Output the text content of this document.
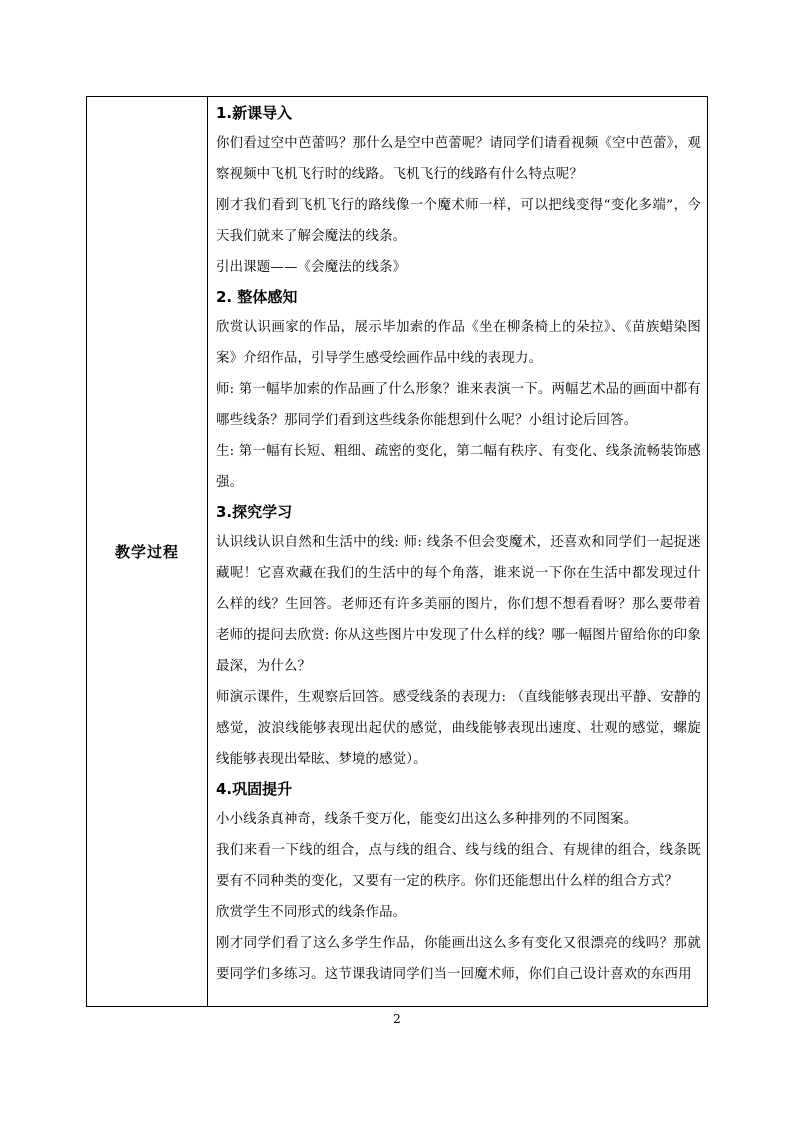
教学过程

1.新课导入

你们看过空中芭蕾吗？那什么是空中芭蕾呢？请同学们请看视频《空中芭蕾》，观察视频中飞机飞行时的线路。飞机飞行的线路有什么特点呢？

刚才我们看到飞机飞行的路线像一个魔术师一样，可以把线变得“变化多端”，今天我们就来了解会魔法的线条。

引出课题——《会魔法的线条》

2. 整体感知

欣赏认识画家的作品，展示毕加索的作品《坐在柳条椅上的朵拉》、《苗族蜡染图案》介绍作品，引导学生感受绘画作品中线的表现力。

师: 第一幅毕加索的作品画了什么形象？谁来表演一下。两幅艺术品的画面中都有哪些线条？那同学们看到这些线条你能想到什么呢？小组讨论后回答。

生: 第一幅有长短、粗细、疏密的变化，第二幅有秩序、有变化、线条流畅装饰感强。

3.探究学习

认识线认识自然和生活中的线: 师: 线条不但会变魔术，还喜欢和同学们一起捉迷藏呢！它喜欢藏在我们的生活中的每个角落，谁来说一下你在生活中都发现过什么样的线？生回答。老师还有许多美丽的图片，你们想不想看看呀？那么要带着老师的提问去欣赏: 你从这些图片中发现了什么样的线？哪一幅图片留给你的印象最深，为什么？

师演示课件，生观察后回答。感受线条的表现力: （直线能够表现出平静、安静的感觉，波浪线能够表现出起伏的感觉，曲线能够表现出速度、壮观的感觉，螺旋线能够表现出晕眩、梦境的感觉）。

4.巩固提升

小小线条真神奇，线条千变万化，能变幻出这么多种排列的不同图案。

我们来看一下线的组合，点与线的组合、线与线的组合、有规律的组合，线条既要有不同种类的变化，又要有一定的秩序。你们还能想出什么样的组合方式？

欣赏学生不同形式的线条作品。

刚才同学们看了这么多学生作品，你能画出这么多有变化又很漂亮的线吗？那就要同学们多练习。这节课我请同学们当一回魔术师，你们自己设计喜欢的东西用

2
